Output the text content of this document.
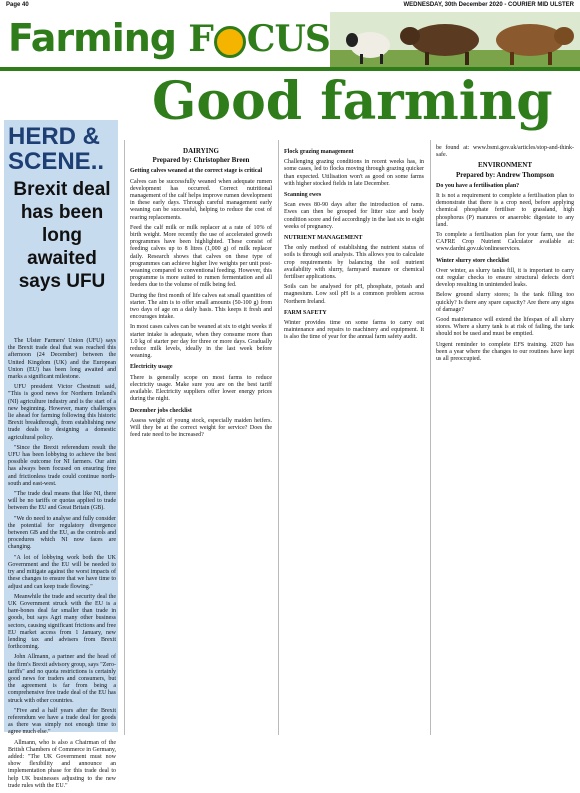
Page 40	WEDNESDAY, 30th December 2020 - COURIER MID ULSTER
Farming F CUS
Good farming
HERD & SCENE..
Brexit deal has been long awaited says UFU

The Ulster Farmers' Union (UFU) says the Brexit trade deal that was reached this afternoon (24 December) between the United Kingdom (UK) and the European Union (EU) has been long awaited and marks a significant milestone.

UFU president Victor Chestnutt said, "This is good news for Northern Ireland's (NI) agriculture industry and is the start of a new beginning. However, many challenges lie ahead for farming following this historic Brexit breakthrough, from establishing new trade deals to designing a domestic agricultural policy.

"Since the Brexit referendum result the UFU has been lobbying to achieve the best possible outcome for NI farmers. Our aim has always been focused on ensuring free and frictionless trade could continue north-south and east-west.

"The trade deal means that like NI, there will be no tariffs or quotas applied to trade between the EU and Great Britain (GB).

"We do need to analyse and fully consider the potential for regulatory divergence between GB and the EU, as the controls and procedures which NI now faces are changing.

"A lot of lobbying work both the UK Government and the EU will be needed to try and mitigate against the worst impacts of these changes to ensure that we have time to adjust and can keep trade flowing."

Meanwhile the trade and security deal the UK Government struck with the EU is a bare-bones deal far smaller than trade in goods, but says Agri many other business sectors, causing significant frictions and free EU market access from 1 January, new lending tax and advisers from Brexit forthcoming.

John Allmann, a partner and the head of the firm's Brexit advisory group, says "Zero-tariffs" and no quota restrictions is certainly good news for traders and consumers, but the agreement is far from being a comprehensive free trade deal of the EU has struck with other countries.

"Five and a half years after the Brexit referendum we have a trade deal for goods as there was simply not enough time to agree much else."

Allmann, who is also a Chairman of the British Chambers of Commerce in Germany, added: "The UK Government must now show flexibility and announce an implementation phase for this trade deal to help UK businesses adjusting to the new trade rules with the EU."

DAIRYING
Prepared by: Christopher Breen

Getting calves weaned at the correct stage is critical

Calves can be successfully weaned when adequate rumen development has occurred. Correct nutritional management of the calf helps improve rumen development in these early days. Through careful management early weaning can be successful, helping to reduce the cost of rearing replacements.

Feed the calf milk or milk replacer at a rate of 10% of birth weight. More recently the use of accelerated growth programmes have been highlighted. These consist of feeding calves up to 8 litres (1,000 g) of milk replacer daily. Research shows that calves on these type of programmes can achieve higher live weights per unit post-weaning compared to conventional feeding. However, this programme is more suited to rumen fermentation and all feeders due to the volume of milk being fed.

During the first month of life calves eat small quantities of starter. The aim is to offer small amounts (50-100 g) from two days of age on a daily basis. This keeps it fresh and encourages intake.

In most cases calves can be weaned at six to eight weeks if starter intake is adequate, when they consume more than 1.0 kg of starter per day for three or more days. Gradually reduce milk levels, ideally in the last week before weaning.

Electricity usage

There is generally scope on most farms to reduce electricity usage. Make sure you are on the best tariff available. Electricity suppliers offer lower energy prices during the night.

December jobs checklist

Assess weight of young stock, especially maiden heifers. Will they be at the correct weight for service? Does the feed rate need to be increased?

Flock grazing management

Challenging grazing conditions in recent weeks has, in some cases, led to flocks moving through grazing quicker than expected. Utilisation won't as good on some farms with higher stocked fields in late December.

Scanning ewes

Scan ewes 80-90 days after the introduction of rams. Ewes can then be grouped for litter size and body condition score and fed accordingly in the last six to eight weeks of pregnancy.

NUTRIENT MANAGEMENT

The only method of establishing the nutrient status of soils is through soil analysis. This allows you to calculate crop requirements by balancing the soil nutrient availability with slurry, farmyard manure or chemical fertiliser applications.

Soils can be analysed for pH, phosphate, potash and magnesium. Low soil pH is a common problem across Northern Ireland.

FARM SAFETY

Winter provides time on some farms to carry out maintenance and repairs to machinery and equipment. It is also the time of year for the annual farm safety audit.

be found at: www.bsmi.gov.uk/articles/stop-and-think-safe.

ENVIRONMENT
Prepared by: Andrew Thompson

Do you have a fertilisation plan?

It is not a requirement to complete a fertilisation plan to demonstrate that there is a crop need, before applying chemical phosphate fertiliser to grassland, high phosphorus (P) manures or anaerobic digestate to any land.

To complete a fertilisation plan for your farm, use the CAFRE Crop Nutrient Calculator available at: www.dardni.gov.uk/onlineservices.

Winter slurry store checklist

Over winter, as slurry tanks fill, it is important to carry out regular checks to ensure structural defects don't develop resulting in unintended leaks.

Below ground slurry stores; Is the tank filling too quickly? Is there any spare capacity? Are there any signs of damage?

Good maintenance will extend the lifespan of all slurry stores. Where a slurry tank is at risk of failing, the tank should not be used and must be emptied.

Urgent reminder to complete EFS training. 2020 has been a year where the changes to our routines have kept us all preoccupied.
